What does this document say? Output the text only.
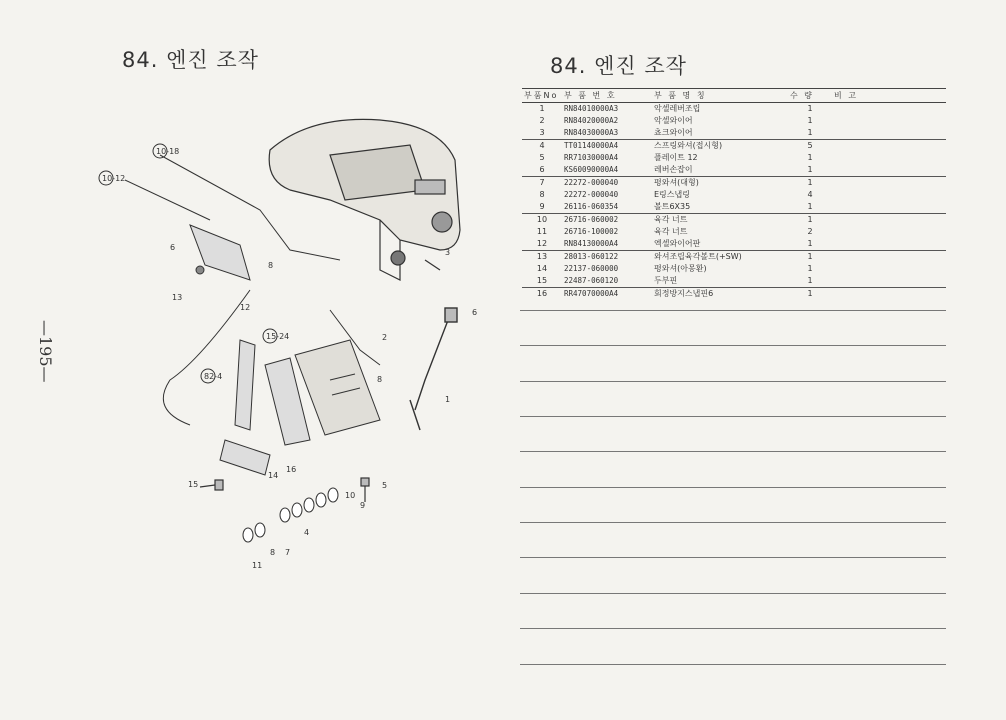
84. 엔진 조작
—195—
10-18
10-12
6
13
12
8
3
6
2
15-24
82-4	8
1
16
14
15
10
9
5
4
11
8 7
84. 엔진 조작
부품No	부 품 번 호	부 품 명 칭	수 량	비 고
1	RN84010000A3	악셀레버조립	1	
2	RN84020000A2	악셀와이어	1	
3	RN84030000A3	쵸크와이어	1	
4	TT01140000A4	스프링와셔(접시형)	5	
5	RR71030000A4	플레이트 12	1	
6	KS60090000A4	레버손잡이	1	
7	22272-000040	평와셔(대형)	1	
8	22272-000040	E링스냅링	4	
9	26116-060354	볼트6X35	1	
10	26716-060002	육각 너트	1	
11	26716-100002	육각 너트	2	
12	RN84130000A4	엑셀와이어판	1	
13	28013-060122	와셔조립육각볼트(+SW)	1	
14	22137-060000	평와셔(아몽환)	1	
15	22487-060120	두부핀	1	
16	RR47070000A4	회정방지스냅핀6	1	
